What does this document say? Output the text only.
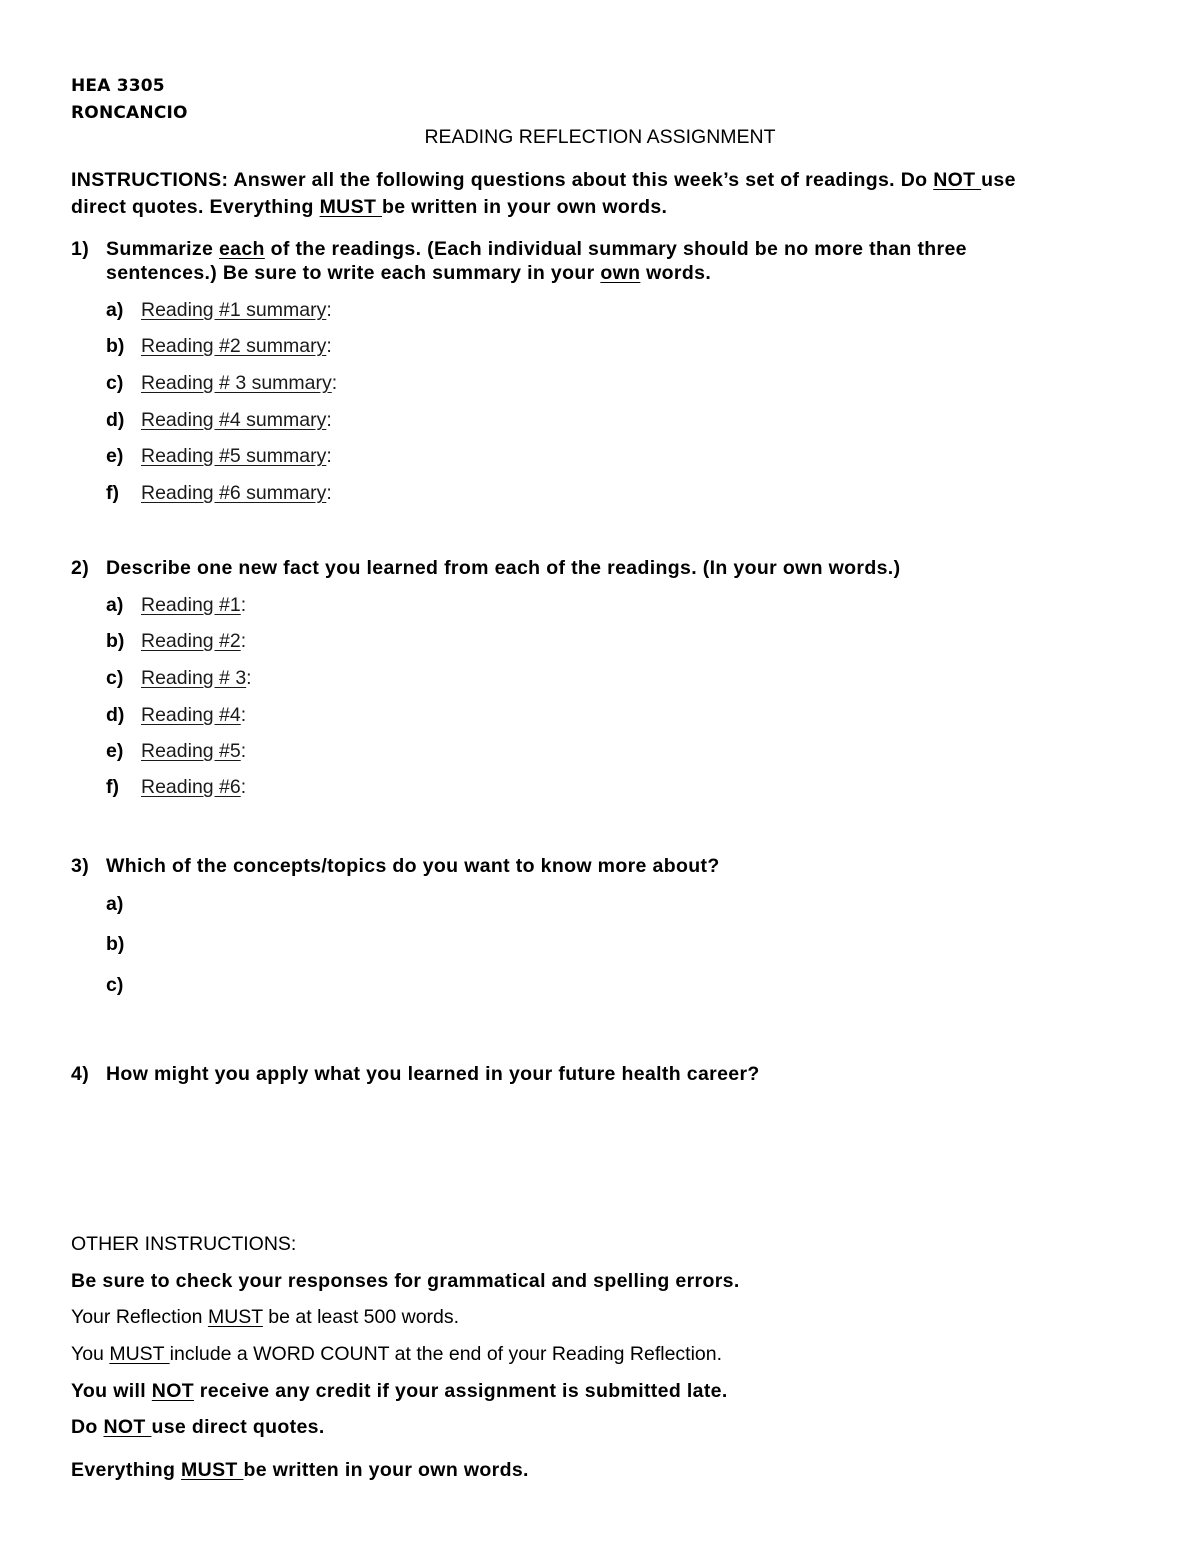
HEA 3305
RONCANCIO
READING REFLECTION ASSIGNMENT
INSTRUCTIONS: Answer all the following questions about this week’s set of readings. Do NOT use
direct quotes. Everything MUST be written in your own words.
1) Summarize each of the readings. (Each individual summary should be no more than three
sentences.) Be sure to write each summary in your own words.
a) Reading #1 summary:
b) Reading #2 summary:
c) Reading # 3 summary:
d) Reading #4 summary:
e) Reading #5 summary:
f) Reading #6 summary:
2) Describe one new fact you learned from each of the readings. (In your own words.)
a) Reading #1:
b) Reading #2:
c) Reading # 3:
d) Reading #4:
e) Reading #5:
f) Reading #6:
3) Which of the concepts/topics do you want to know more about?
a)
b)
c)
4) How might you apply what you learned in your future health career?
OTHER INSTRUCTIONS:
Be sure to check your responses for grammatical and spelling errors.
Your Reflection MUST be at least 500 words.
You MUST include a WORD COUNT at the end of your Reading Reflection.
You will NOT receive any credit if your assignment is submitted late.
Do NOT use direct quotes.
Everything MUST be written in your own words.
